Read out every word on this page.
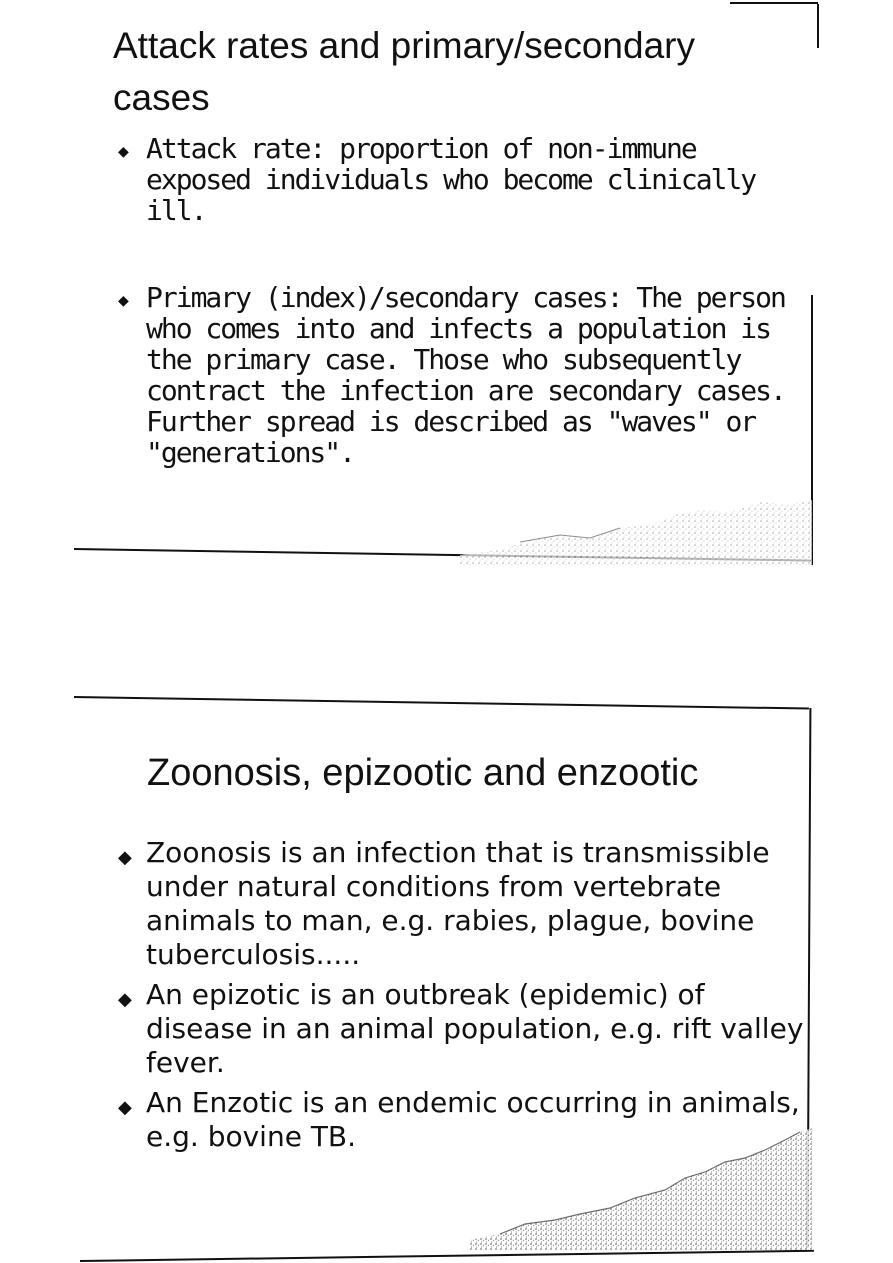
Attack rates and primary/secondary cases
◆ Attack rate: proportion of non-immune exposed individuals who become clinically ill.
◆ Primary (index)/secondary cases: The person who comes into and infects a population is the primary case. Those who subsequently contract the infection are secondary cases. Further spread is described as "waves" or "generations".
Zoonosis, epizootic and enzootic
◆ Zoonosis is an infection that is transmissible under natural conditions from vertebrate animals to man, e.g. rabies, plague, bovine tuberculosis.....
◆ An epizotic is an outbreak (epidemic) of disease in an animal population, e.g. rift valley fever.
◆ An Enzotic is an endemic occurring in animals, e.g. bovine TB.
